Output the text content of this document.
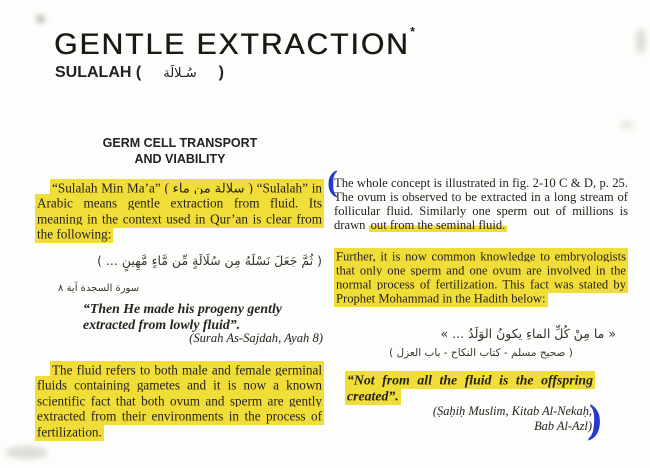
GENTLE EXTRACTION*
SULALAH ( سُـلالَة )
GERM CELL TRANSPORT
AND VIABILITY

“Sulalah Min Ma’a” ( سلالة من ماء ) “Sulalah” in Arabic means gentle extraction from fluid. Its meaning in the context used in Qur’an is clear from the following:

( ثُمَّ جَعَلَ نَسْلَهُ مِن سُلَالَةٍ مِّن مَّاءٍ مَّهِينٍ ... )
سورة السجدة آية ٨
“Then He made his progeny gently extracted from lowly fluid”.
(Surah As-Sajdah, Ayah 8)

The fluid refers to both male and female germinal fluids containing gametes and it is now a known scientific fact that both ovum and sperm are gently extracted from their environments in the process of fertilization.

(

The whole concept is illustrated in fig. 2-10 C & D, p. 25. The ovum is observed to be extracted in a long stream of follicular fluid. Similarly one sperm out of millions is drawn out from the seminal fluid.

Further, it is now common knowledge to embryologists that only one sperm and one ovum are involved in the normal process of fertilization. This fact was stated by Prophet Mohammad in the Hadith below:

« ما مِنْ كُلِّ الماءِ يكونُ الوَلَدُ ... »
( صحيح مسلم - كتاب النكاح - باب العزل )

“Not from all the fluid is the offspring created”.

(Ṣaḥiḥ Muslim, Kitab Al-Nekaḥ,
Bab Al-Azl)
)
